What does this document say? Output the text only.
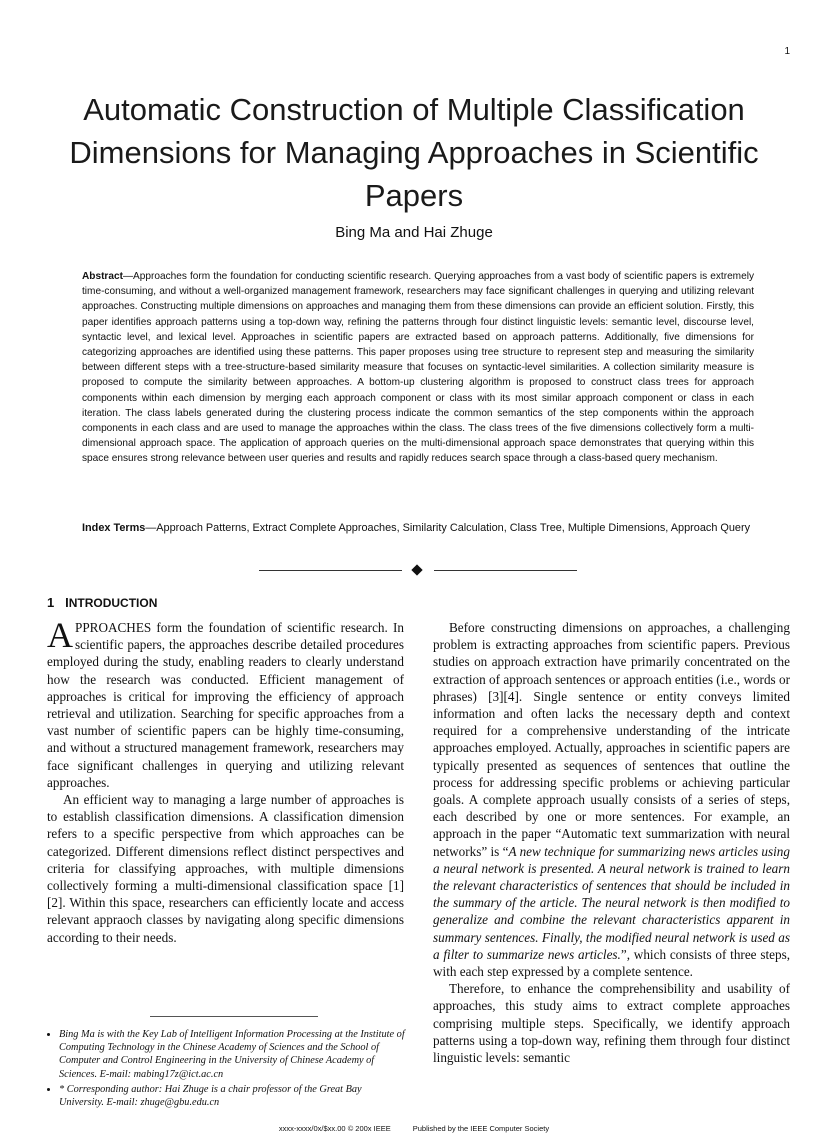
1
Automatic Construction of Multiple Classification Dimensions for Managing Approaches in Scientific Papers
Bing Ma and Hai Zhuge
Abstract—Approaches form the foundation for conducting scientific research. Querying approaches from a vast body of scientific papers is extremely time-consuming, and without a well-organized management framework, researchers may face significant challenges in querying and utilizing relevant approaches. Constructing multiple dimensions on approaches and managing them from these dimensions can provide an efficient solution. Firstly, this paper identifies approach patterns using a top-down way, refining the patterns through four distinct linguistic levels: semantic level, discourse level, syntactic level, and lexical level. Approaches in scientific papers are extracted based on approach patterns. Additionally, five dimensions for categorizing approaches are identified using these patterns. This paper proposes using tree structure to represent step and measuring the similarity between different steps with a tree-structure-based similarity measure that focuses on syntactic-level similarities. A collection similarity measure is proposed to compute the similarity between approaches. A bottom-up clustering algorithm is proposed to construct class trees for approach components within each dimension by merging each approach component or class with its most similar approach component or class in each iteration. The class labels generated during the clustering process indicate the common semantics of the step components within the approach components in each class and are used to manage the approaches within the class. The class trees of the five dimensions collectively form a multi-dimensional approach space. The application of approach queries on the multi-dimensional approach space demonstrates that querying within this space ensures strong relevance between user queries and results and rapidly reduces search space through a class-based query mechanism.
Index Terms—Approach Patterns, Extract Complete Approaches, Similarity Calculation, Class Tree, Multiple Dimensions, Approach Query
1 INTRODUCTION

APPROACHES form the foundation of scientific research. In scientific papers, the approaches describe detailed procedures employed during the study, enabling readers to clearly understand how the research was conducted. Efficient management of approaches is critical for improving the efficiency of approach retrieval and utilization. Searching for specific approaches from a vast number of scientific papers can be highly time-consuming, and without a structured management framework, researchers may face significant challenges in querying and utilizing relevant approaches.

An efficient way to managing a large number of approaches is to establish classification dimensions. A classification dimension refers to a specific perspective from which approaches can be categorized. Different dimensions reflect distinct perspectives and criteria for classifying approaches, with multiple dimensions collectively forming a multi-dimensional classification space [1][2]. Within this space, researchers can efficiently locate and access relevant appraoch classes by navigating along specific dimensions according to their needs.

Before constructing dimensions on approaches, a challenging problem is extracting approaches from scientific papers. Previous studies on approach extraction have primarily concentrated on the extraction of approach sentences or approach entities (i.e., words or phrases) [3][4]. Single sentence or entity conveys limited information and often lacks the necessary depth and context required for a comprehensive understanding of the intricate approaches employed. Actually, approaches in scientific papers are typically presented as sequences of sentences that outline the process for addressing specific problems or achieving particular goals. A complete approach usually consists of a series of steps, each described by one or more sentences. For example, an approach in the paper “Automatic text summarization with neural networks” is “A new technique for summarizing news articles using a neural network is presented. A neural network is trained to learn the relevant characteristics of sentences that should be included in the summary of the article. The neural network is then modified to generalize and combine the relevant characteristics apparent in summary sentences. Finally, the modified neural network is used as a filter to summarize news articles.”, which consists of three steps, with each step expressed by a complete sentence.

Therefore, to enhance the comprehensibility and usability of approaches, this study aims to extract complete approaches comprising multiple steps. Specifically, we identify approach patterns using a top-down way, refining them through four distinct linguistic levels: semantic

• Bing Ma is with the Key Lab of Intelligent Information Processing at the Institute of Computing Technology in the Chinese Academy of Sciences and the School of Computer and Control Engineering in the University of Chinese Academy of Sciences. E-mail: mabing17z@ict.ac.cn
• * Corresponding author: Hai Zhuge is a chair professor of the Great Bay University. E-mail: zhuge@gbu.edu.cn
xxxx-xxxx/0x/$xx.00 © 200x IEEE	Published by the IEEE Computer Society
